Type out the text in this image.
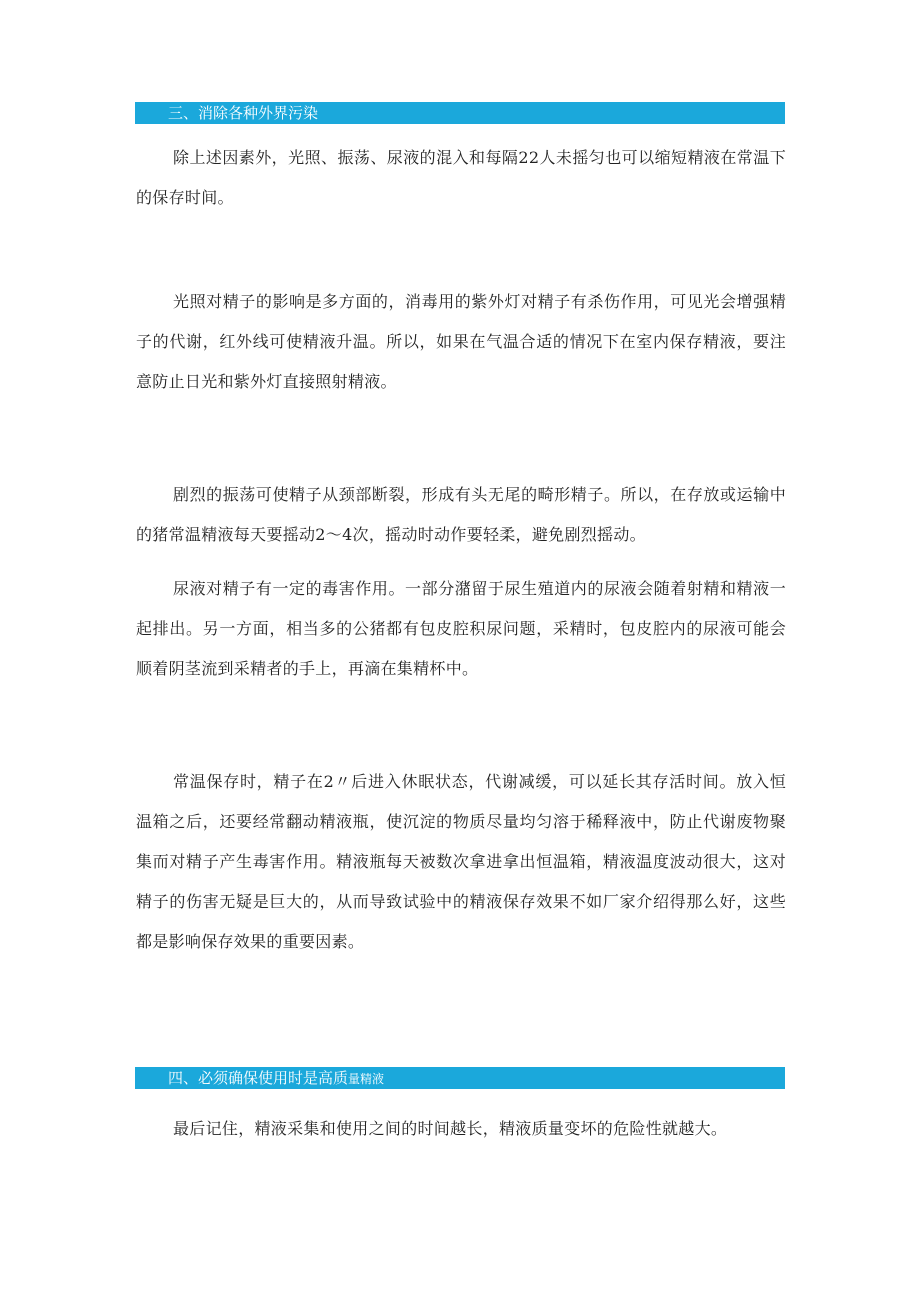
三、消除各种外界污染

除上述因素外，光照、振荡、尿液的混入和每隔22人未摇匀也可以缩短精液在常温下的保存时间。

光照对精子的影响是多方面的，消毒用的紫外灯对精子有杀伤作用，可见光会增强精子的代谢，红外线可使精液升温。所以，如果在气温合适的情况下在室内保存精液，要注意防止日光和紫外灯直接照射精液。

剧烈的振荡可使精子从颈部断裂，形成有头无尾的畸形精子。所以，在存放或运输中的猪常温精液每天要摇动2〜4次，摇动时动作要轻柔，避免剧烈摇动。

尿液对精子有一定的毒害作用。一部分潴留于尿生殖道内的尿液会随着射精和精液一起排出。另一方面，相当多的公猪都有包皮腔积尿问题，采精时，包皮腔内的尿液可能会顺着阴茎流到采精者的手上，再滴在集精杯中。

常温保存时，精子在2〃后进入休眠状态，代谢减缓，可以延长其存活时间。放入恒温箱之后，还要经常翻动精液瓶，使沉淀的物质尽量均匀溶于稀释液中，防止代谢废物聚集而对精子产生毒害作用。精液瓶每天被数次拿进拿出恒温箱，精液温度波动很大，这对精子的伤害无疑是巨大的，从而导致试验中的精液保存效果不如厂家介绍得那么好，这些都是影响保存效果的重要因素。

四、必须确保使用时是高质量精液

最后记住，精液采集和使用之间的时间越长，精液质量变坏的危险性就越大。
